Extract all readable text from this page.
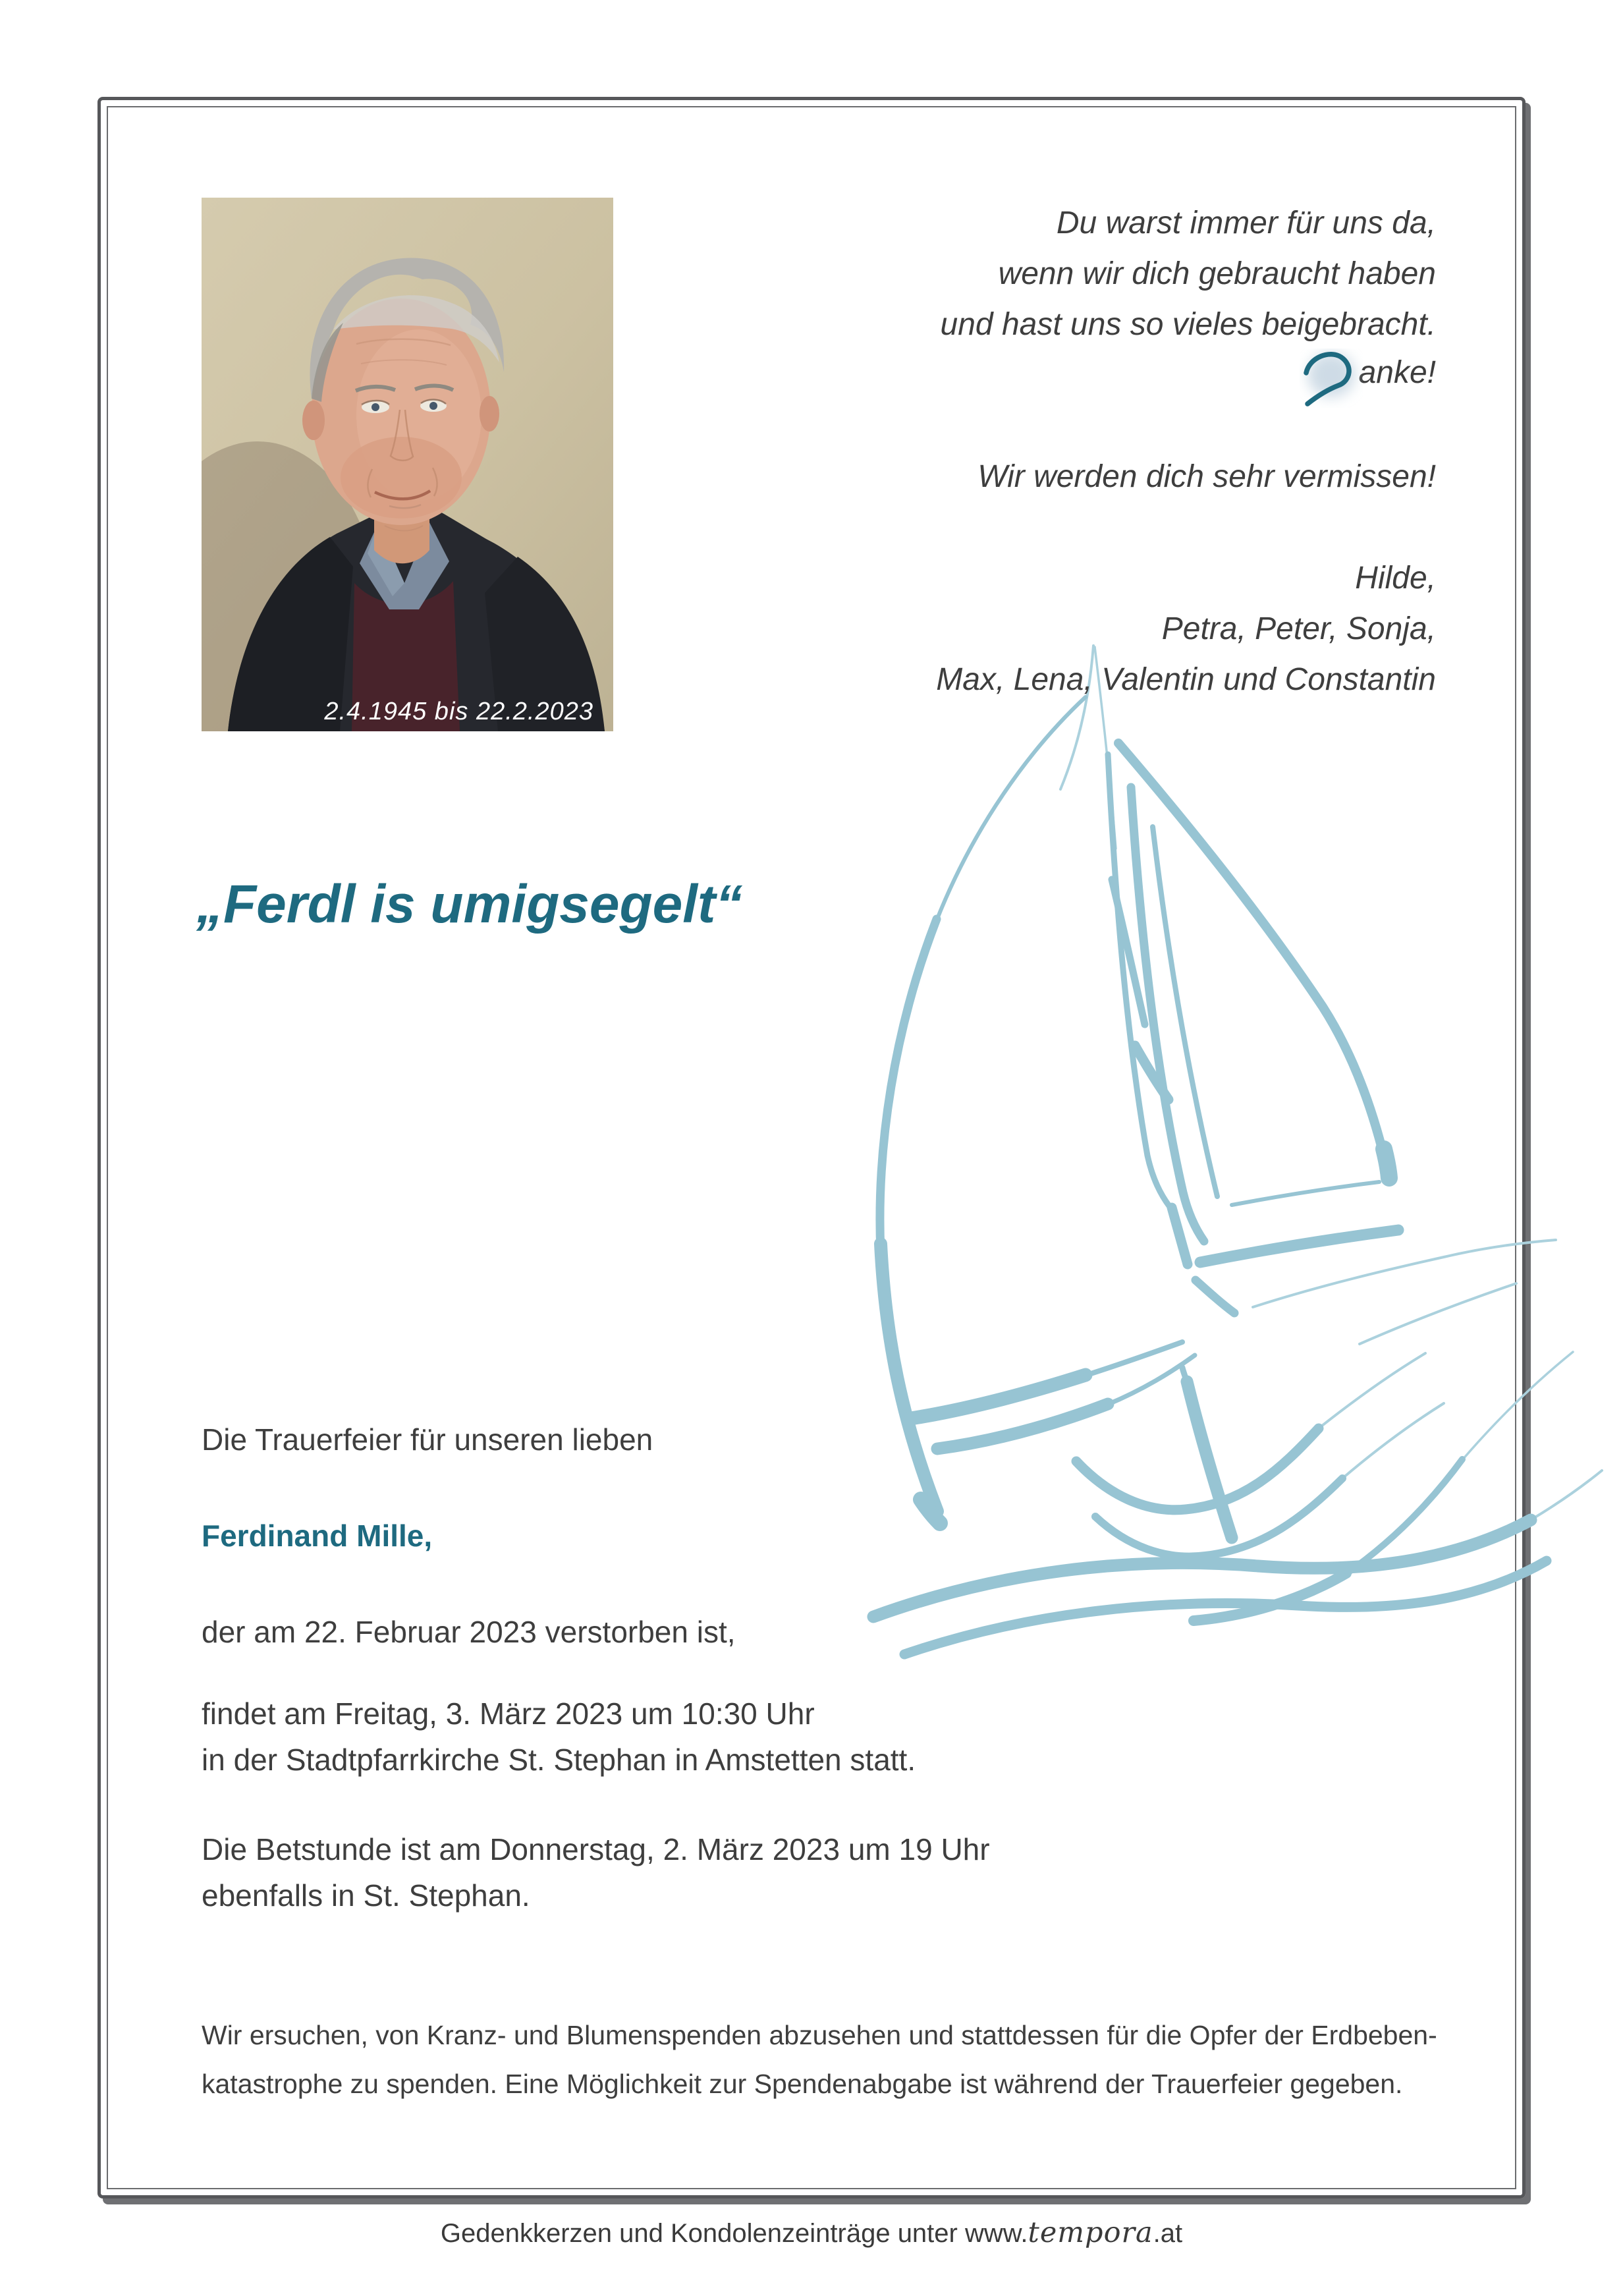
2.4.1945 bis 22.2.2023
Du warst immer für uns da,
wenn wir dich gebraucht haben
und hast uns so vieles beigebracht.
anke!
Wir werden dich sehr vermissen!
Hilde,
Petra, Peter, Sonja,
Max, Lena, Valentin und Constantin
„Ferdl is umigsegelt“
Die Trauerfeier für unseren lieben
Ferdinand Mille,
der am 22. Februar 2023 verstorben ist,
findet am Freitag, 3. März 2023 um 10:30 Uhr
in der Stadtpfarrkirche St. Stephan in Amstetten statt.
Die Betstunde ist am Donnerstag, 2. März 2023 um 19 Uhr
ebenfalls in St. Stephan.
Wir ersuchen, von Kranz- und Blumenspenden abzusehen und stattdessen für die Opfer der Erdbeben-
katastrophe zu spenden. Eine Möglichkeit zur Spendenabgabe ist während der Trauerfeier gegeben.
Gedenkkerzen und Kondolenzeinträge unter www.tempora.at
